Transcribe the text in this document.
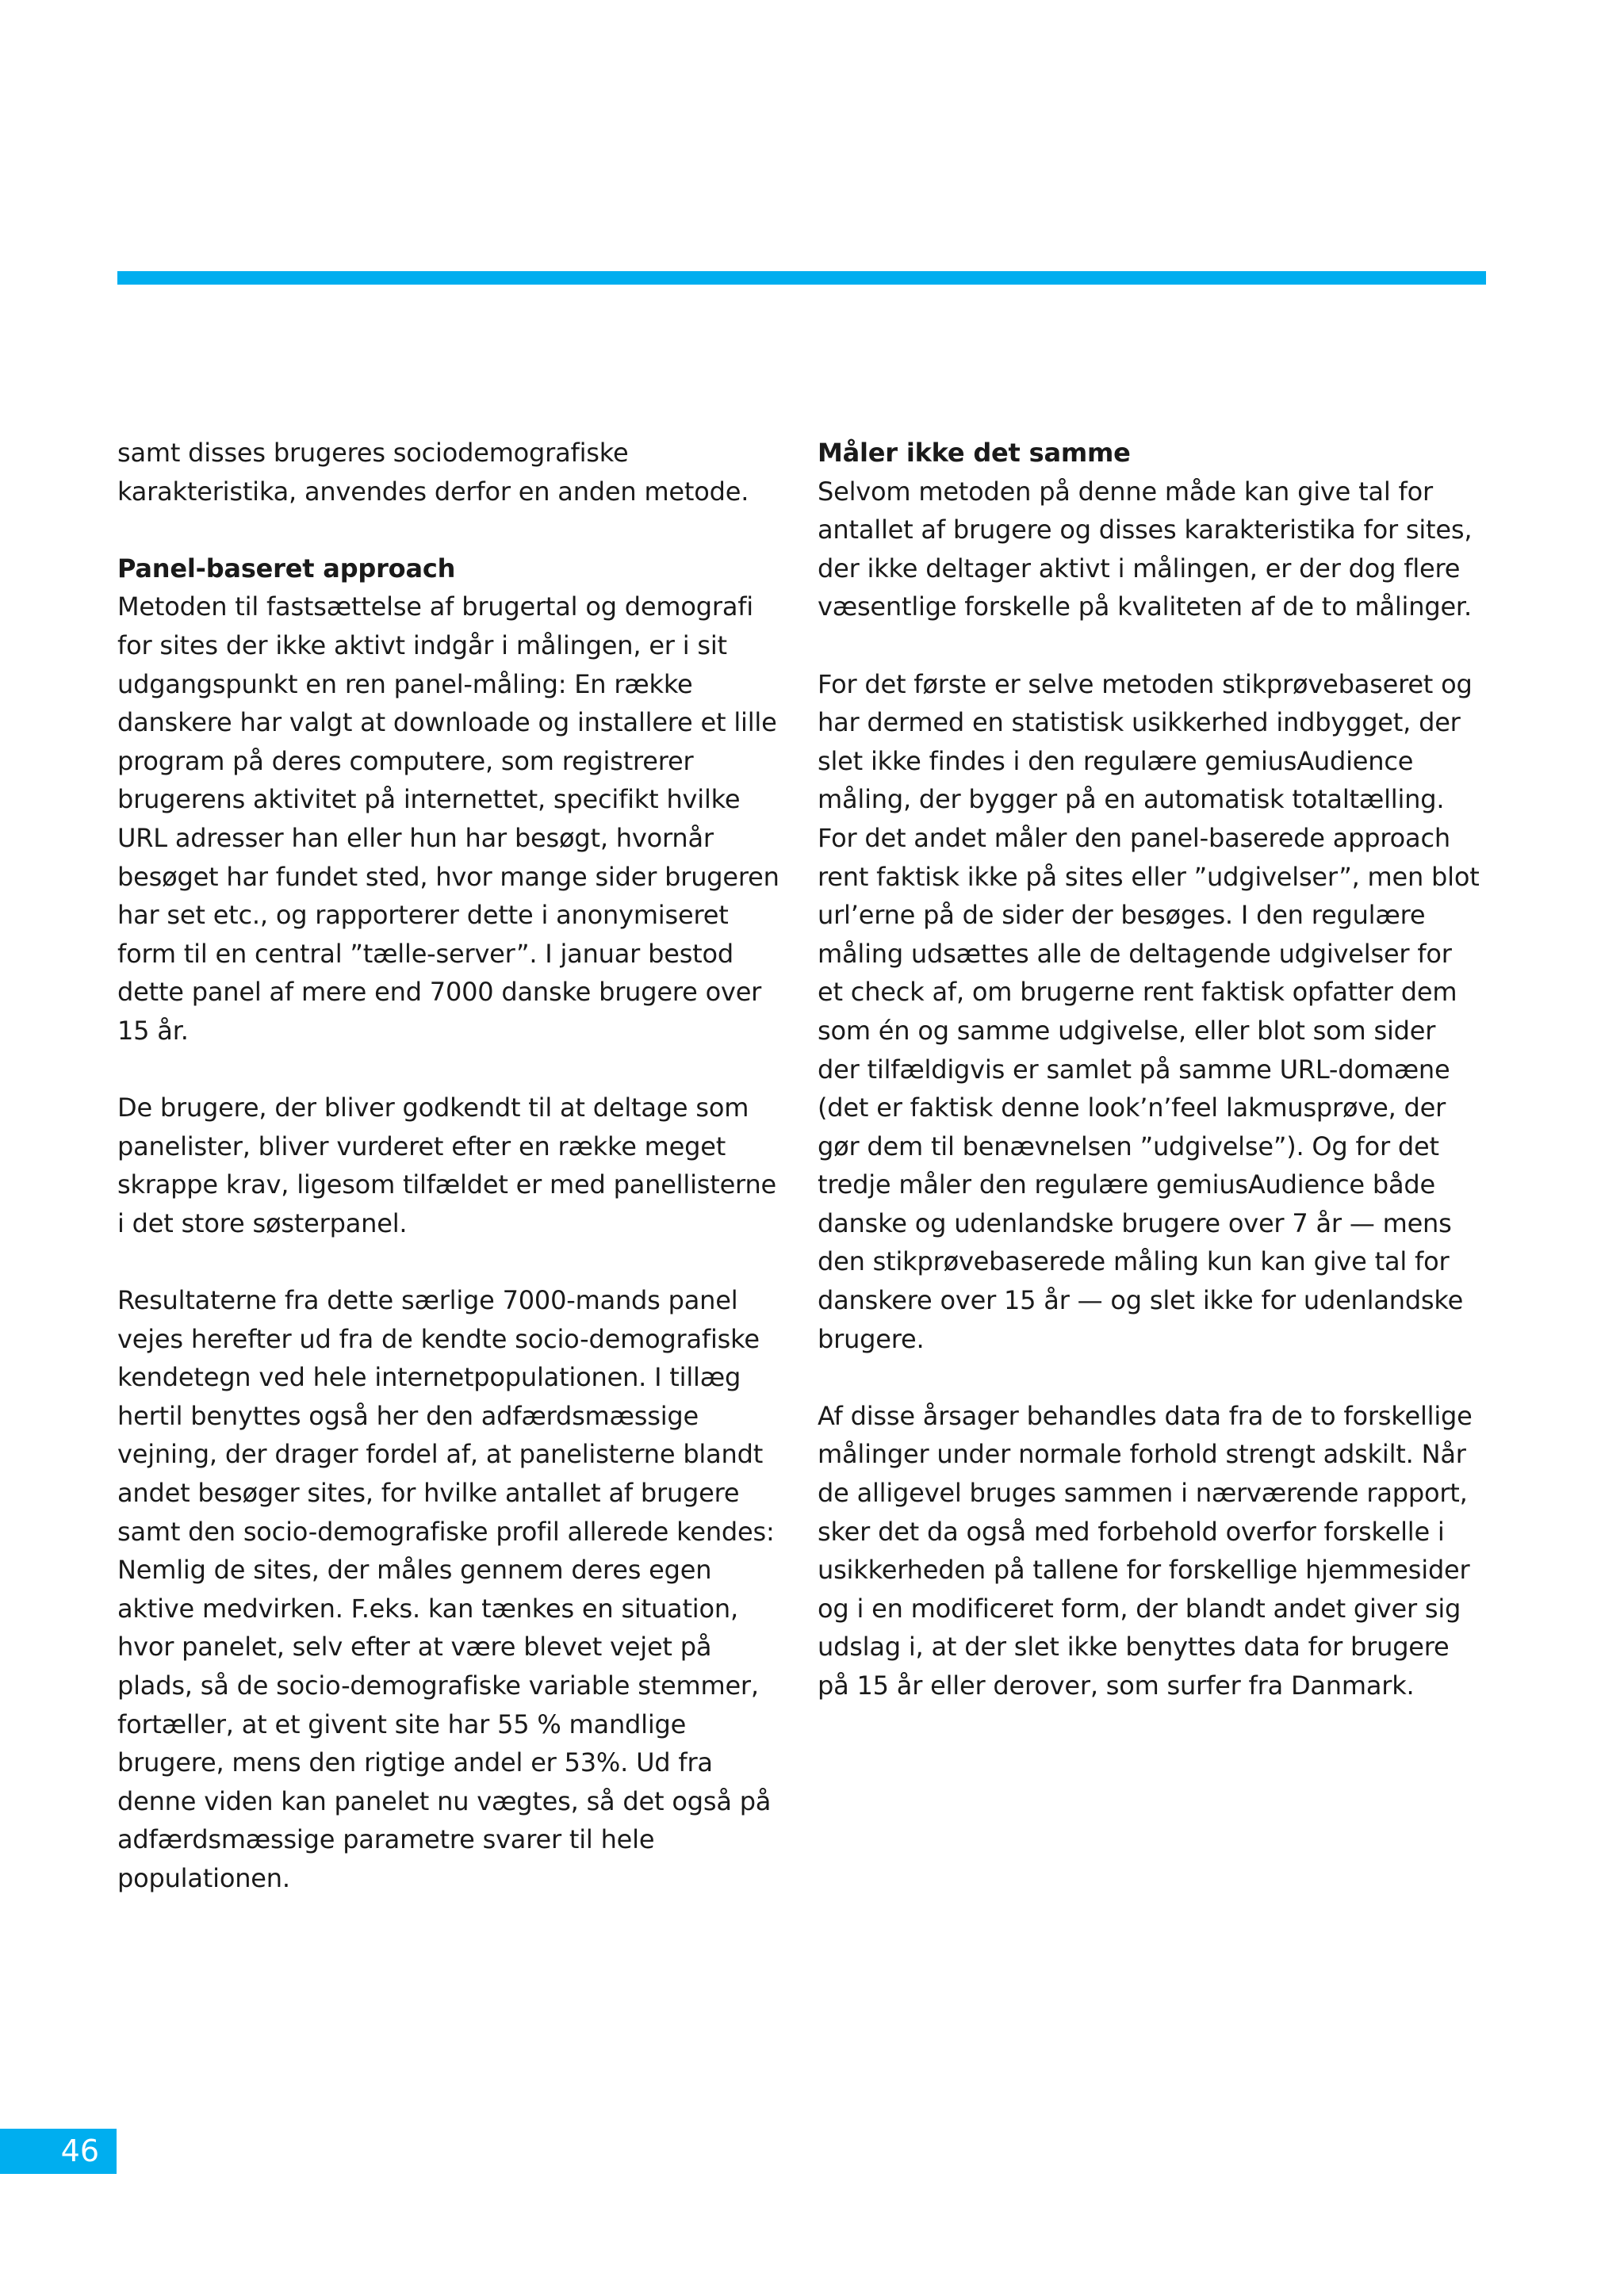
samt disses brugeres sociodemografiske karakteristika, anvendes derfor en anden metode.

Panel-baseret approach

Metoden til fastsættelse af brugertal og demografi for sites der ikke aktivt indgår i målingen, er i sit udgangspunkt en ren panel-måling: En række danskere har valgt at downloade og installere et lille program på deres computere, som registrerer brugerens aktivitet på internettet, specifikt hvilke URL adresser han eller hun har besøgt, hvornår besøget har fundet sted, hvor mange sider brugeren har set etc., og rapporterer dette i anonymiseret form til en central ”tælle-server”. I januar bestod dette panel af mere end 7000 danske brugere over 15 år.

De brugere, der bliver godkendt til at deltage som panelister, bliver vurderet efter en række meget skrappe krav, ligesom tilfældet er med panellisterne i det store søsterpanel.

Resultaterne fra dette særlige 7000-mands panel vejes herefter ud fra de kendte socio-demografiske kendetegn ved hele internetpopulationen. I tillæg hertil benyttes også her den adfærdsmæssige vejning, der drager fordel af, at panelisterne blandt andet besøger sites, for hvilke antallet af brugere samt den socio-demografiske profil allerede kendes: Nemlig de sites, der måles gennem deres egen aktive medvirken. F.eks. kan tænkes en situation, hvor panelet, selv efter at være blevet vejet på plads, så de socio-demografiske variable stemmer, fortæller, at et givent site har 55 % mandlige brugere, mens den rigtige andel er 53%. Ud fra denne viden kan panelet nu vægtes, så det også på adfærdsmæssige parametre svarer til hele populationen.

Måler ikke det samme

Selvom metoden på denne måde kan give tal for antallet af brugere og disses karakteristika for sites, der ikke deltager aktivt i målingen, er der dog flere væsentlige forskelle på kvaliteten af de to målinger.

For det første er selve metoden stikprøvebaseret og har dermed en statistisk usikkerhed indbygget, der slet ikke findes i den regulære gemiusAudience måling, der bygger på en automatisk totaltælling. For det andet måler den panel-baserede approach rent faktisk ikke på sites eller ”udgivelser”, men blot url’erne på de sider der besøges. I den regulære måling udsættes alle de deltagende udgivelser for et check af, om brugerne rent faktisk opfatter dem som én og samme udgivelse, eller blot som sider der tilfældigvis er samlet på samme URL-domæne (det er faktisk denne look’n’feel lakmusprøve, der gør dem til benævnelsen ”udgivelse”). Og for det tredje måler den regulære gemiusAudience både danske og udenlandske brugere over 7 år — mens den stikprøvebaserede måling kun kan give tal for danskere over 15 år — og slet ikke for udenlandske brugere.

Af disse årsager behandles data fra de to forskellige målinger under normale forhold strengt adskilt. Når de alligevel bruges sammen i nærværende rapport, sker det da også med forbehold overfor forskelle i usikkerheden på tallene for forskellige hjemmesider og i en modificeret form, der blandt andet giver sig udslag i, at der slet ikke benyttes data for brugere på 15 år eller derover, som surfer fra Danmark.

46
